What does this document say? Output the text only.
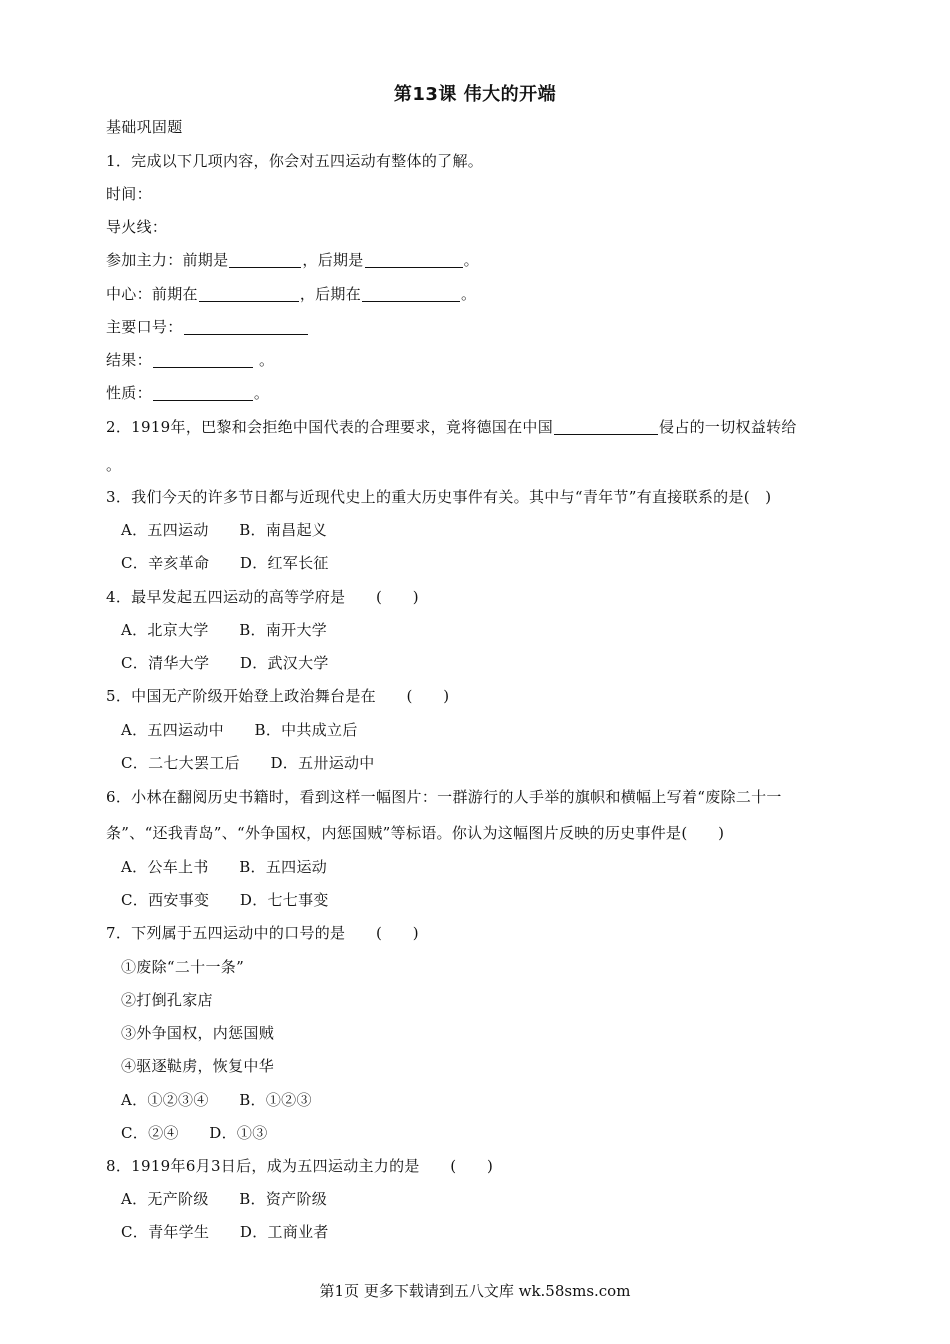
第13课 伟大的开端
基础巩固题
1．完成以下几项内容，你会对五四运动有整体的了解。
时间：
导火线：
参加主力：前期是	，后期是	。
中心：前期在	，后期在	。
主要口号：
结果：	。
性质：	。
2．1919年，巴黎和会拒绝中国代表的合理要求，竟将德国在中国	侵占的一切权益转给
。
3．我们今天的许多节日都与近现代史上的重大历史事件有关。其中与“青年节”有直接联系的是(　)
A．五四运动　　B．南昌起义
C．辛亥革命　　D．红军长征
4．最早发起五四运动的高等学府是　　(　　)
A．北京大学　　B．南开大学
C．清华大学　　D．武汉大学
5．中国无产阶级开始登上政治舞台是在　　(　　)
A．五四运动中　　B．中共成立后
C．二七大罢工后　　D．五卅运动中
6．小林在翻阅历史书籍时，看到这样一幅图片：一群游行的人手举的旗帜和横幅上写着“废除二十一
条”、“还我青岛”、“外争国权，内惩国贼”等标语。你认为这幅图片反映的历史事件是(　　)
A．公车上书　　B．五四运动
C．西安事变　　D．七七事变
7．下列属于五四运动中的口号的是　　(　　)
①废除“二十一条”
②打倒孔家店
③外争国权，内惩国贼
④驱逐鞑虏，恢复中华
A．①②③④　　B．①②③
C．②④　　D．①③
8．1919年6月3日后，成为五四运动主力的是　　(　　)
A．无产阶级　　B．资产阶级
C．青年学生　　D．工商业者
第1页 更多下载请到五八文库 wk.58sms.com
